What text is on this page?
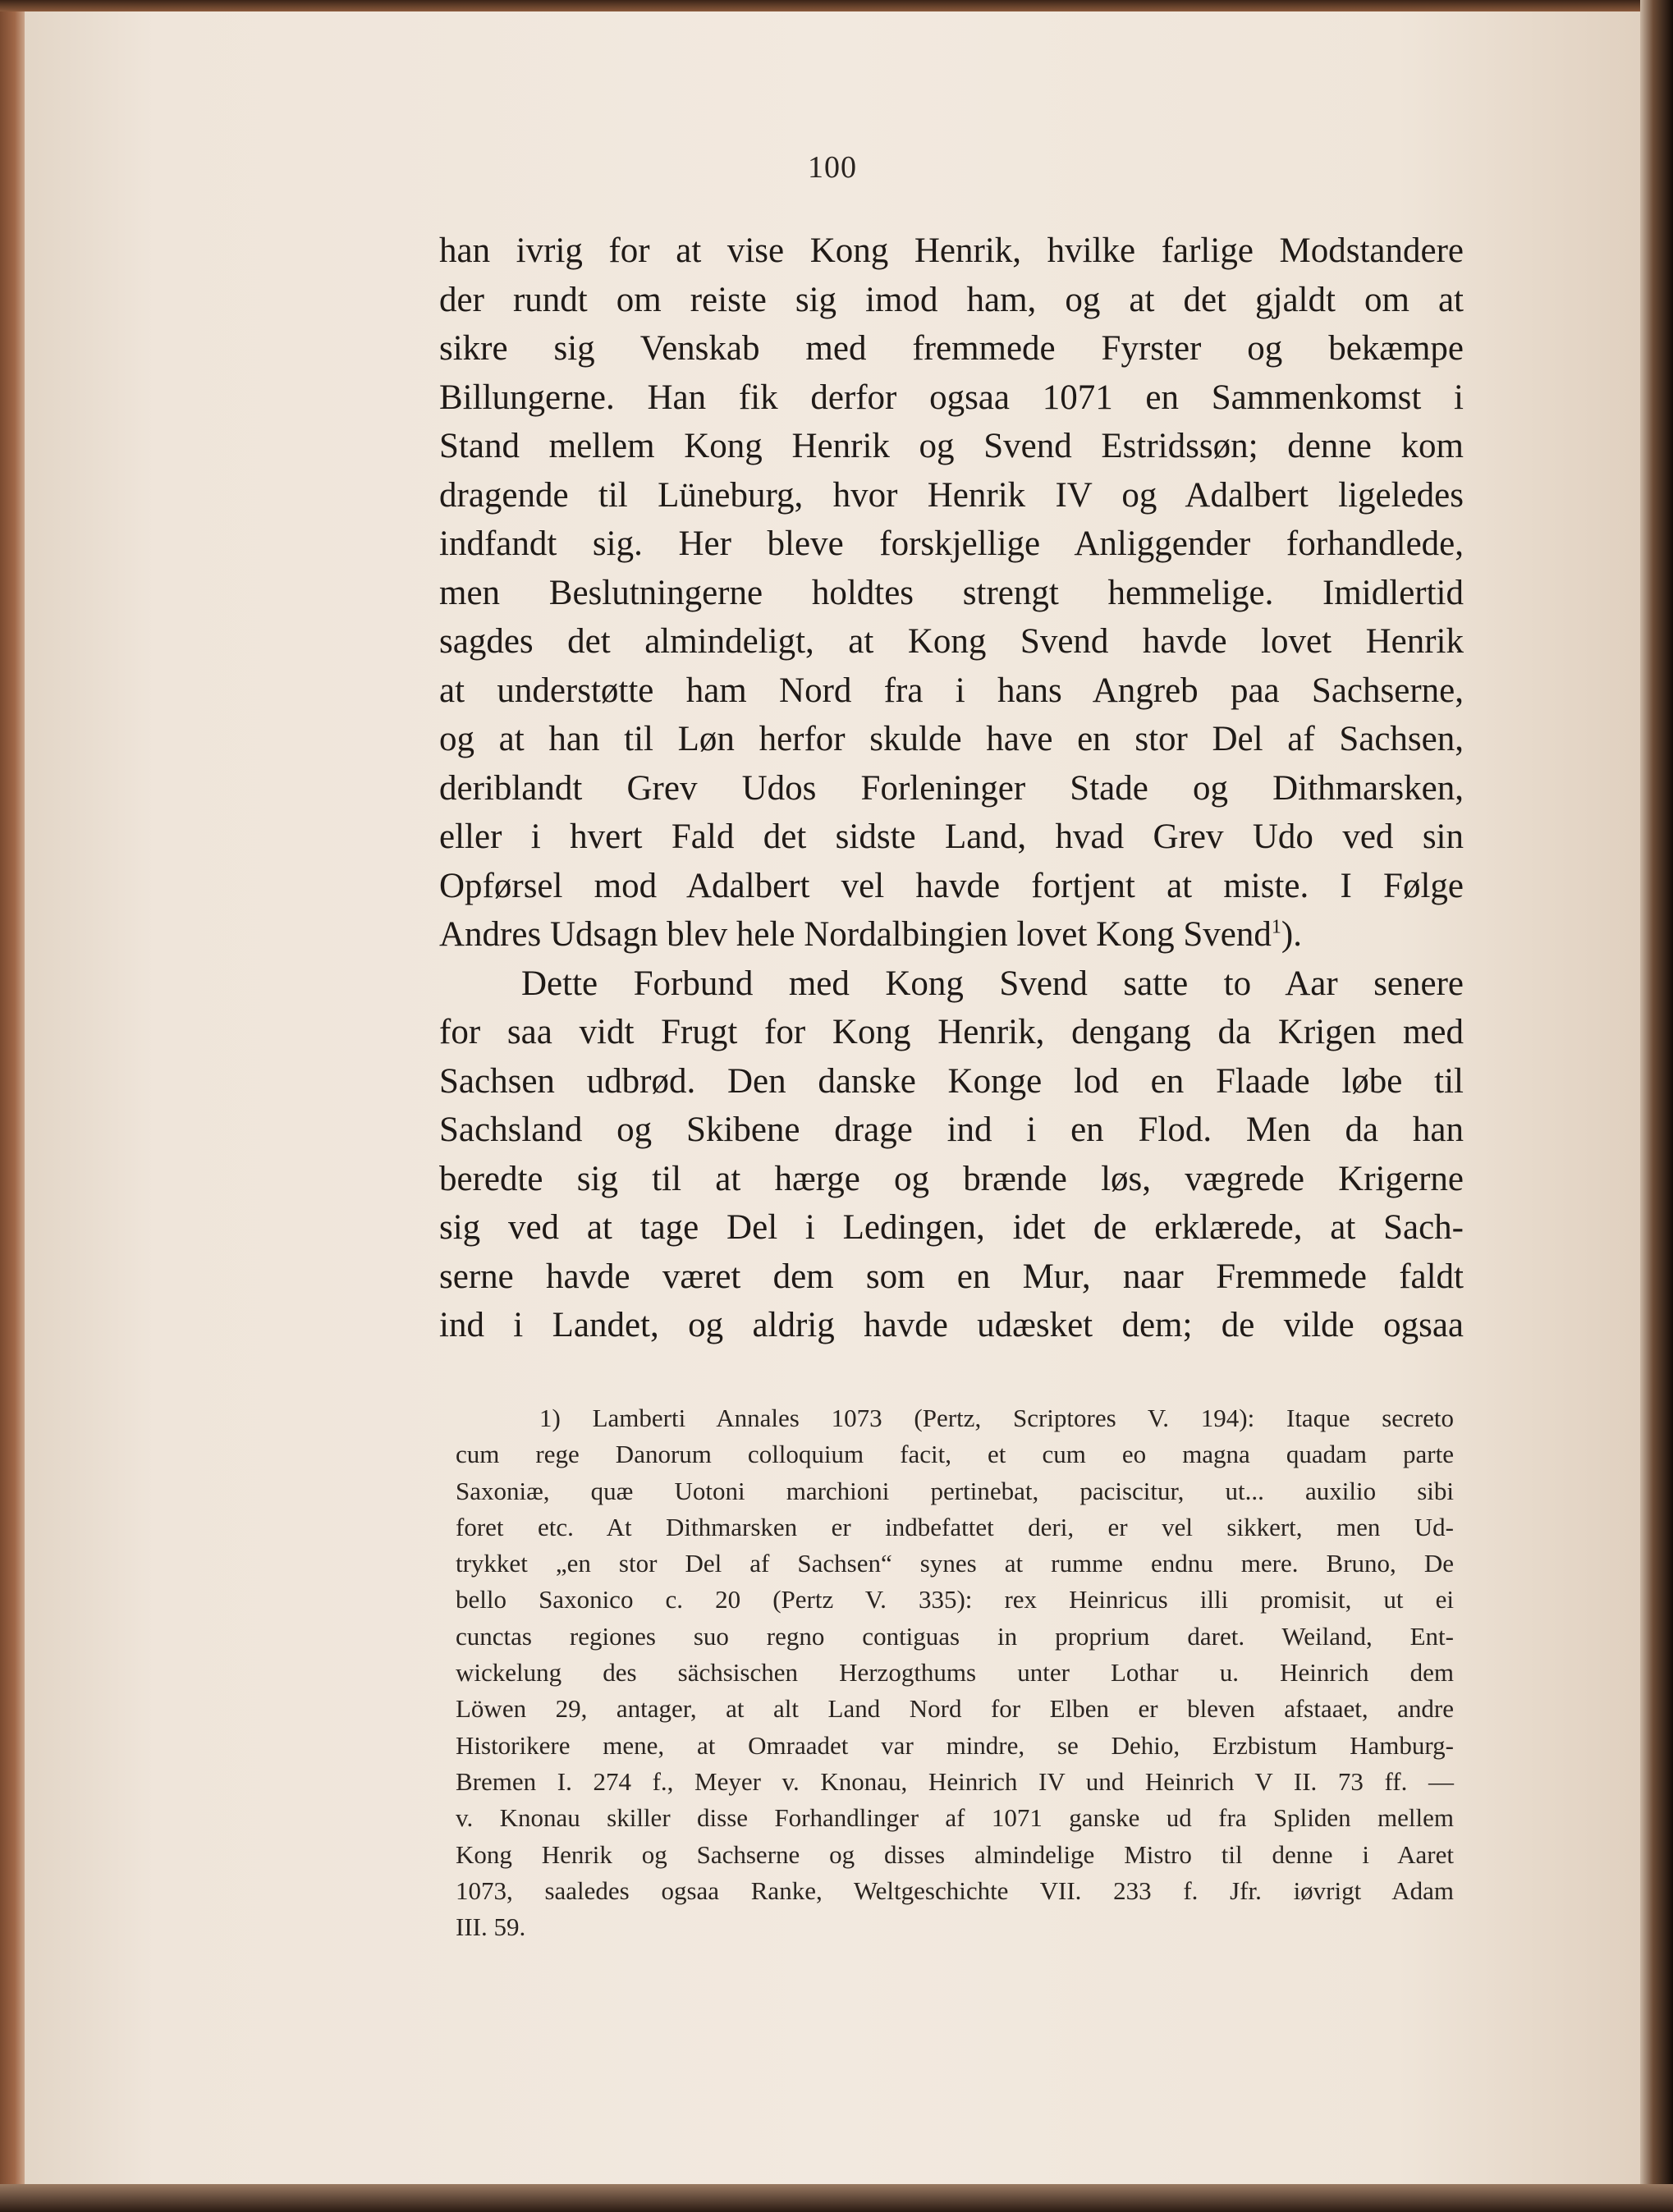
100
han ivrig for at vise Kong Henrik, hvilke farlige Modstandere
der rundt om reiste sig imod ham, og at det gjaldt om at
sikre sig Venskab med fremmede Fyrster og bekæmpe
Billungerne. Han fik derfor ogsaa 1071 en Sammenkomst i
Stand mellem Kong Henrik og Svend Estridssøn; denne kom
dragende til Lüneburg, hvor Henrik IV og Adalbert ligeledes
indfandt sig. Her bleve forskjellige Anliggender forhandlede,
men Beslutningerne holdtes strengt hemmelige. Imidlertid
sagdes det almindeligt, at Kong Svend havde lovet Henrik
at understøtte ham Nord fra i hans Angreb paa Sachserne,
og at han til Løn herfor skulde have en stor Del af Sachsen,
deriblandt Grev Udos Forleninger Stade og Dithmarsken,
eller i hvert Fald det sidste Land, hvad Grev Udo ved sin
Opførsel mod Adalbert vel havde fortjent at miste. I Følge
Andres Udsagn blev hele Nordalbingien lovet Kong Svend$^1$).
Dette Forbund med Kong Svend satte to Aar senere
for saa vidt Frugt for Kong Henrik, dengang da Krigen med
Sachsen udbrød. Den danske Konge lod en Flaade løbe til
Sachsland og Skibene drage ind i en Flod. Men da han
beredte sig til at hærge og brænde løs, vægrede Krigerne
sig ved at tage Del i Ledingen, idet de erklærede, at Sach-
serne havde været dem som en Mur, naar Fremmede faldt
ind i Landet, og aldrig havde udæsket dem; de vilde ogsaa
1) Lamberti Annales 1073 (Pertz, Scriptores V. 194): Itaque secreto
cum rege Danorum colloquium facit, et cum eo magna quadam parte
Saxoniæ, quæ Uotoni marchioni pertinebat, paciscitur, ut... auxilio sibi
foret etc. At Dithmarsken er indbefattet deri, er vel sikkert, men Ud-
trykket „en stor Del af Sachsen“ synes at rumme endnu mere. Bruno, De
bello Saxonico c. 20 (Pertz V. 335): rex Heinricus illi promisit, ut ei
cunctas regiones suo regno contiguas in proprium daret. Weiland, Ent-
wickelung des sächsischen Herzogthums unter Lothar u. Heinrich dem
Löwen 29, antager, at alt Land Nord for Elben er bleven afstaaet, andre
Historikere mene, at Omraadet var mindre, se Dehio, Erzbistum Hamburg-
Bremen I. 274 f., Meyer v. Knonau, Heinrich IV und Heinrich V II. 73 ff. —
v. Knonau skiller disse Forhandlinger af 1071 ganske ud fra Spliden mellem
Kong Henrik og Sachserne og disses almindelige Mistro til denne i Aaret
1073, saaledes ogsaa Ranke, Weltgeschichte VII. 233 f. Jfr. iøvrigt Adam
III. 59.
